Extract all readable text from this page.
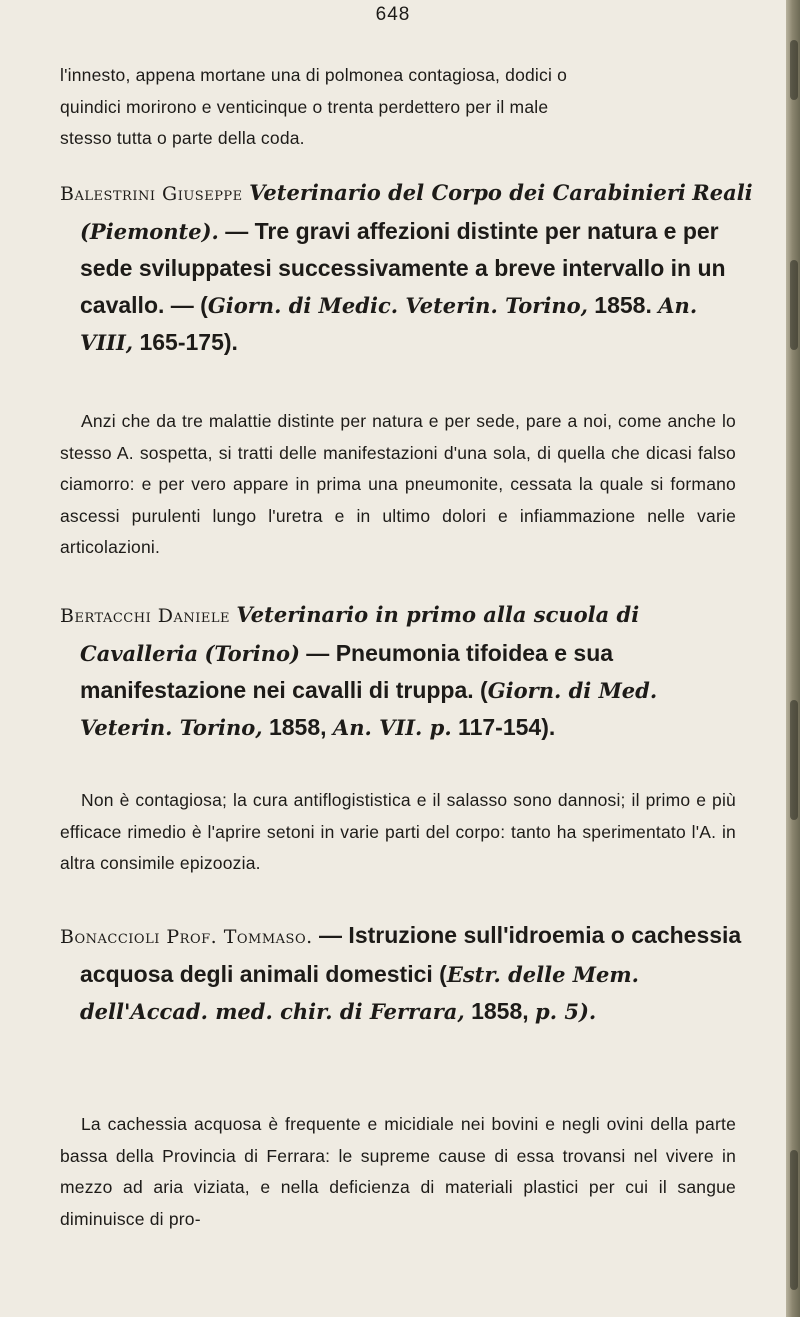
648
l'innesto, appena mortane una di polmonea contagiosa, dodici o
quindici morirono e venticinque o trenta perdettero per il male
stesso tutta o parte della coda.
Balestrini Giuseppe Veterinario del Corpo dei Carabinieri Reali (Piemonte). — Tre gravi affezioni distinte per natura e per sede sviluppatesi successivamente a breve intervallo in un cavallo. — (Giorn. di Medic. Veterin. Torino, 1858. An. VIII, 165-175).
Anzi che da tre malattie distinte per natura e per sede, pare a noi, come anche lo stesso A. sospetta, si tratti delle manifestazioni d'una sola, di quella che dicasi falso ciamorro: e per vero appare in prima una pneumonite, cessata la quale si formano ascessi purulenti lungo l'uretra e in ultimo dolori e infiammazione nelle varie articolazioni.
Bertacchi Daniele Veterinario in primo alla scuola di Cavalleria (Torino) — Pneumonia tifoidea e sua manifestazione nei cavalli di truppa. (Giorn. di Med. Veterin. Torino, 1858, An. VII. p. 117-154).
Non è contagiosa; la cura antiflogististica e il salasso sono dannosi; il primo e più efficace rimedio è l'aprire setoni in varie parti del corpo: tanto ha sperimentato l'A. in altra consimile epizoozia.
Bonaccioli Prof. Tommaso. — Istruzione sull'idroemia o cachessia acquosa degli animali domestici (Estr. delle Mem. dell'Accad. med. chir. di Ferrara, 1858, p. 5).
La cachessia acquosa è frequente e micidiale nei bovini e negli ovini della parte bassa della Provincia di Ferrara: le supreme cause di essa trovansi nel vivere in mezzo ad aria viziata, e nella deficienza di materiali plastici per cui il sangue diminuisce di pro-
